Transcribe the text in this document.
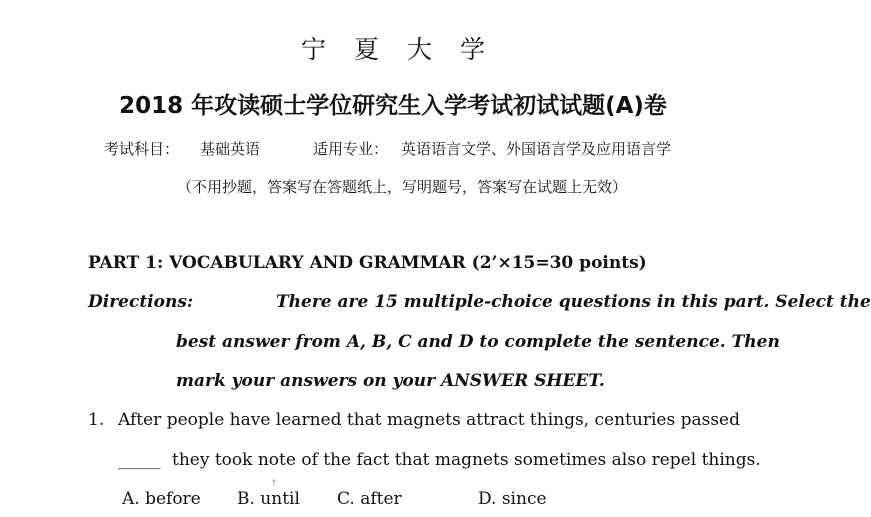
宁夏大学
2018 年攻读硕士学位研究生入学考试初试试题(A)卷
考试科目： 基础英语	适用专业： 英语语言文学、外国语言学及应用语言学
（不用抄题，答案写在答题纸上，写明题号，答案写在试题上无效）
PART 1: VOCABULARY AND GRAMMAR (2’×15=30 points)
Directions:	There are 15 multiple-choice questions in this part. Select the
best answer from A, B, C and D to complete the sentence. Then
mark your answers on your ANSWER SHEET.
1. After people have learned that magnets attract things, centuries passed
_____ they took note of the fact that magnets sometimes also repel things.
A. before B. until C. after	D. since
